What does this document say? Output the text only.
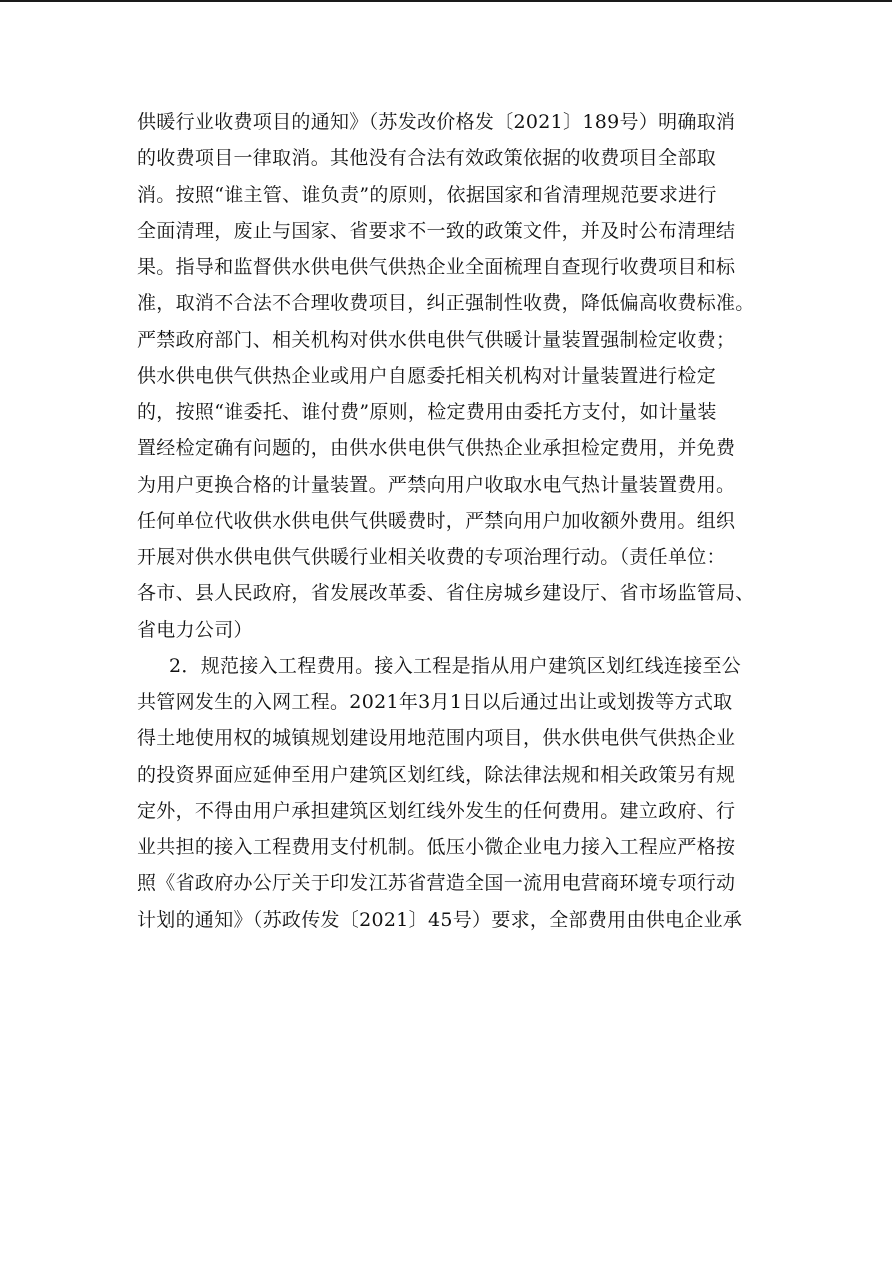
供暖行业收费项目的通知》（苏发改价格发〔2021〕189号）明确取消
的收费项目一律取消。其他没有合法有效政策依据的收费项目全部取
消。按照“谁主管、谁负责”的原则，依据国家和省清理规范要求进行
全面清理，废止与国家、省要求不一致的政策文件，并及时公布清理结
果。指导和监督供水供电供气供热企业全面梳理自查现行收费项目和标
准，取消不合法不合理收费项目，纠正强制性收费，降低偏高收费标准。
严禁政府部门、相关机构对供水供电供气供暖计量装置强制检定收费；
供水供电供气供热企业或用户自愿委托相关机构对计量装置进行检定
的，按照“谁委托、谁付费”原则，检定费用由委托方支付，如计量装
置经检定确有问题的，由供水供电供气供热企业承担检定费用，并免费
为用户更换合格的计量装置。严禁向用户收取水电气热计量装置费用。
任何单位代收供水供电供气供暖费时，严禁向用户加收额外费用。组织
开展对供水供电供气供暖行业相关收费的专项治理行动。（责任单位：
各市、县人民政府，省发展改革委、省住房城乡建设厅、省市场监管局、
省电力公司）
2．规范接入工程费用。接入工程是指从用户建筑区划红线连接至公
共管网发生的入网工程。2021年3月1日以后通过出让或划拨等方式取
得土地使用权的城镇规划建设用地范围内项目，供水供电供气供热企业
的投资界面应延伸至用户建筑区划红线，除法律法规和相关政策另有规
定外，不得由用户承担建筑区划红线外发生的任何费用。建立政府、行
业共担的接入工程费用支付机制。低压小微企业电力接入工程应严格按
照《省政府办公厅关于印发江苏省营造全国一流用电营商环境专项行动
计划的通知》（苏政传发〔2021〕45号）要求，全部费用由供电企业承
